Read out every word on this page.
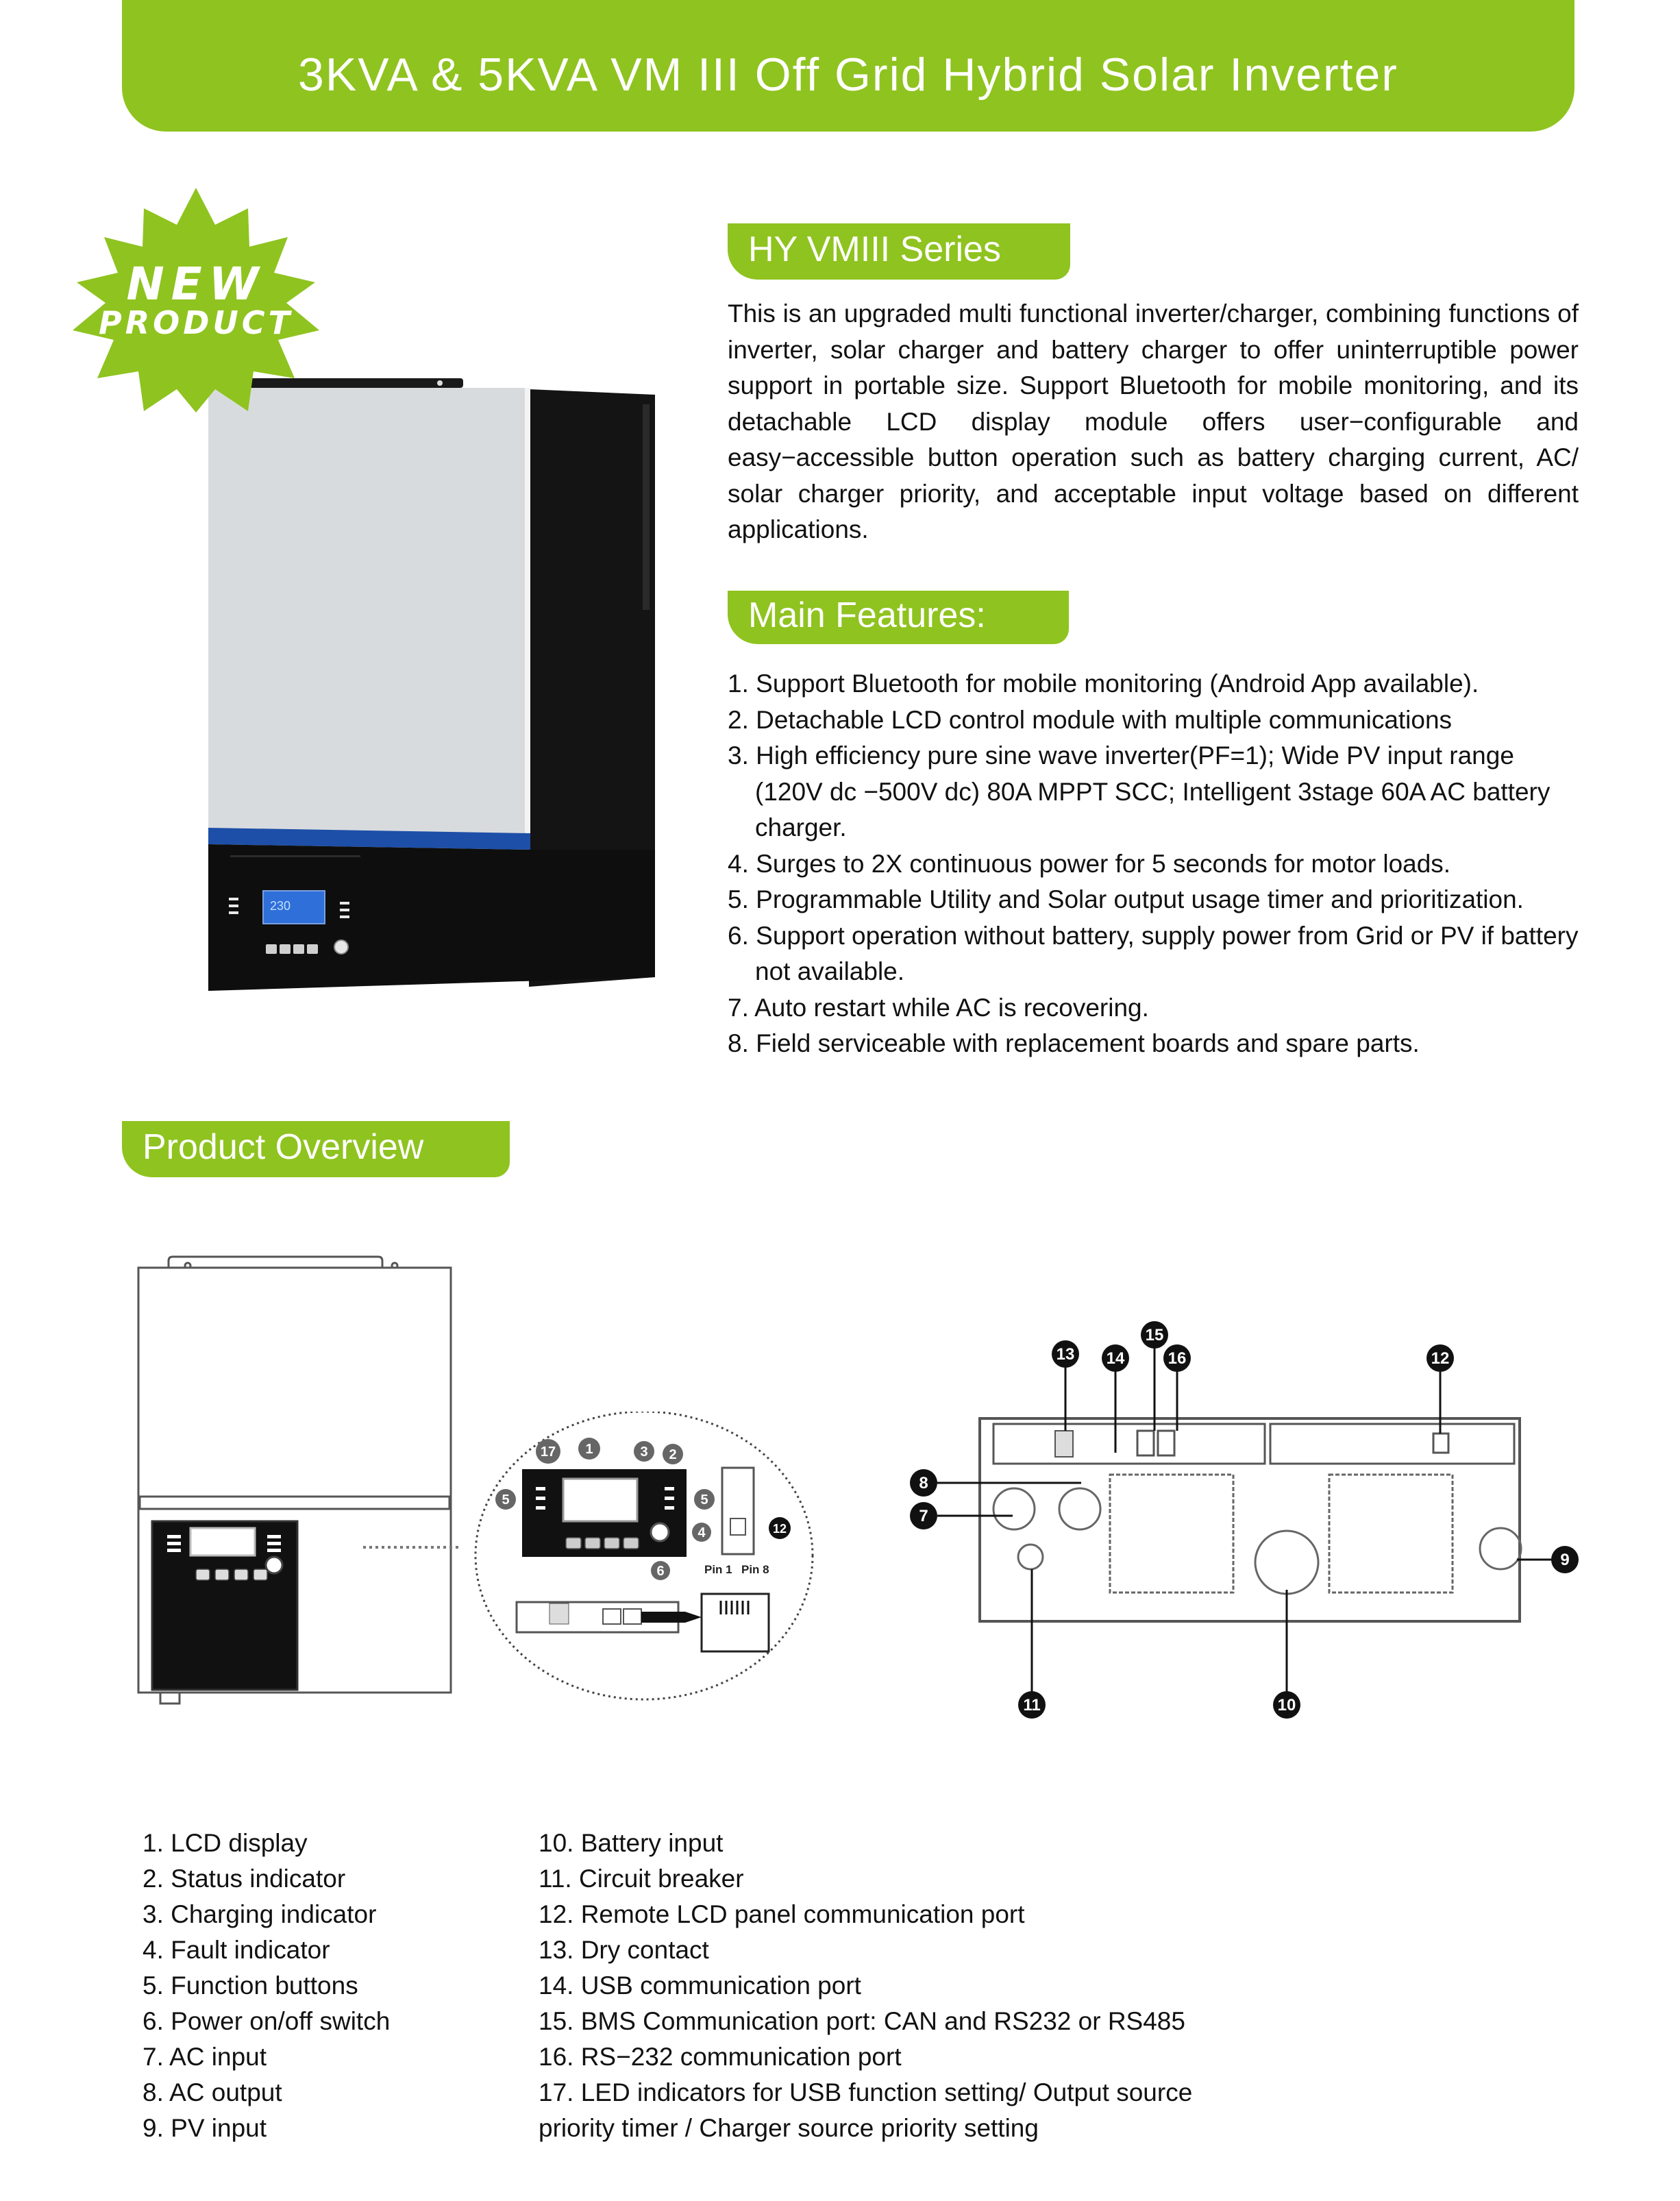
3KVA & 5KVA VM III Off Grid Hybrid Solar Inverter
230
NEW
PRODUCT
HY VMIII Series
This is an upgraded multi functional inverter/charger, combining functions of inverter, solar charger and battery charger to offer uninterruptible power support in portable size. Support Bluetooth for mobile monitoring, and its detachable LCD display module offers user−configurable and easy−accessible button operation such as battery charging current, AC/ solar charger priority, and acceptable input voltage based on different applications.
Main Features:
1. Support Bluetooth for mobile monitoring (Android App available).
2. Detachable LCD control module with multiple communications
3. High efficiency pure sine wave inverter(PF=1); Wide PV input range (120V dc −500V dc) 80A MPPT SCC; Intelligent 3stage 60A AC battery charger.
4. Surges to 2X continuous power for 5 seconds for motor loads.
5. Programmable Utility and Solar output usage timer and prioritization.
6. Support operation without battery, supply power from Grid or PV if battery not available.
7. Auto restart while AC is recovering.
8. Field serviceable with replacement boards and spare parts.
Product Overview
17 1	3 2
5	5
4
6
12
Pin 1 Pin 8
15
13 14	16	12
8
7
9
11	10
1. LCD display
2. Status indicator
3. Charging indicator
4. Fault indicator
5. Function buttons
6. Power on/off switch
7. AC input
8. AC output
9. PV input
10. Battery input
11. Circuit breaker
12. Remote LCD panel communication port
13. Dry contact
14. USB communication port
15. BMS Communication port: CAN and RS232 or RS485
16. RS−232 communication port
17. LED indicators for USB function setting/ Output source
priority timer / Charger source priority setting
